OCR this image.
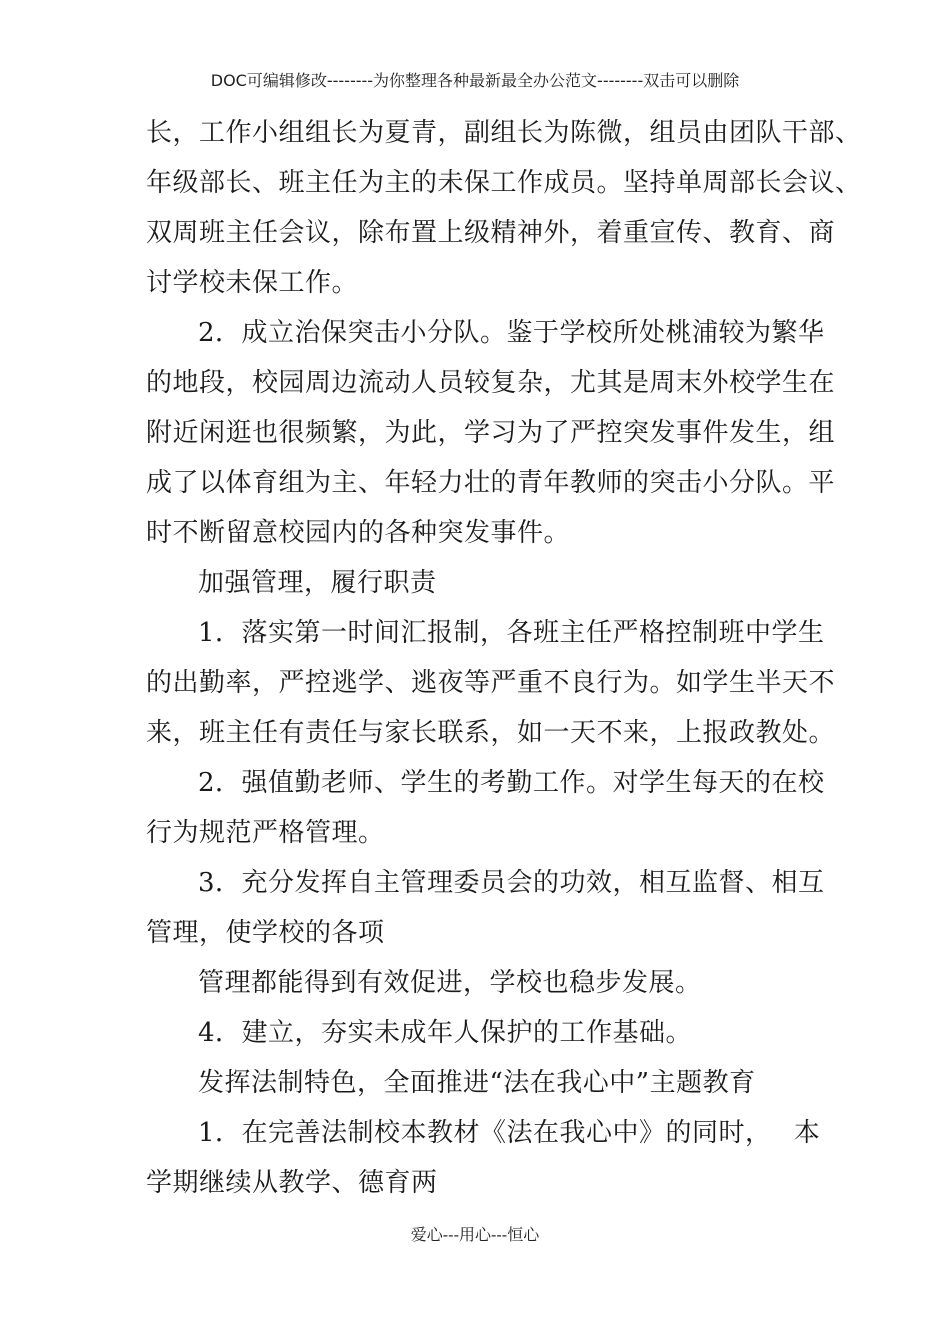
DOC可编辑修改--------为你整理各种最新最全办公范文--------双击可以删除
长，工作小组组长为夏青，副组长为陈微，组员由团队干部、
年级部长、班主任为主的未保工作成员。坚持单周部长会议、
双周班主任会议，除布置上级精神外，着重宣传、教育、商
讨学校未保工作。
2．成立治保突击小分队。鉴于学校所处桃浦较为繁华
的地段，校园周边流动人员较复杂，尤其是周末外校学生在
附近闲逛也很频繁，为此，学习为了严控突发事件发生，组
成了以体育组为主、年轻力壮的青年教师的突击小分队。平
时不断留意校园内的各种突发事件。
加强管理，履行职责
1．落实第一时间汇报制，各班主任严格控制班中学生
的出勤率，严控逃学、逃夜等严重不良行为。如学生半天不
来，班主任有责任与家长联系，如一天不来，上报政教处。
2．强值勤老师、学生的考勤工作。对学生每天的在校
行为规范严格管理。
3．充分发挥自主管理委员会的功效，相互监督、相互
管理，使学校的各项
管理都能得到有效促进，学校也稳步发展。
4．建立，夯实未成年人保护的工作基础。
发挥法制特色，全面推进“法在我心中”主题教育
1．在完善法制校本教材《法在我心中》的同时，　 本
学期继续从教学、德育两
爱心---用心---恒心
